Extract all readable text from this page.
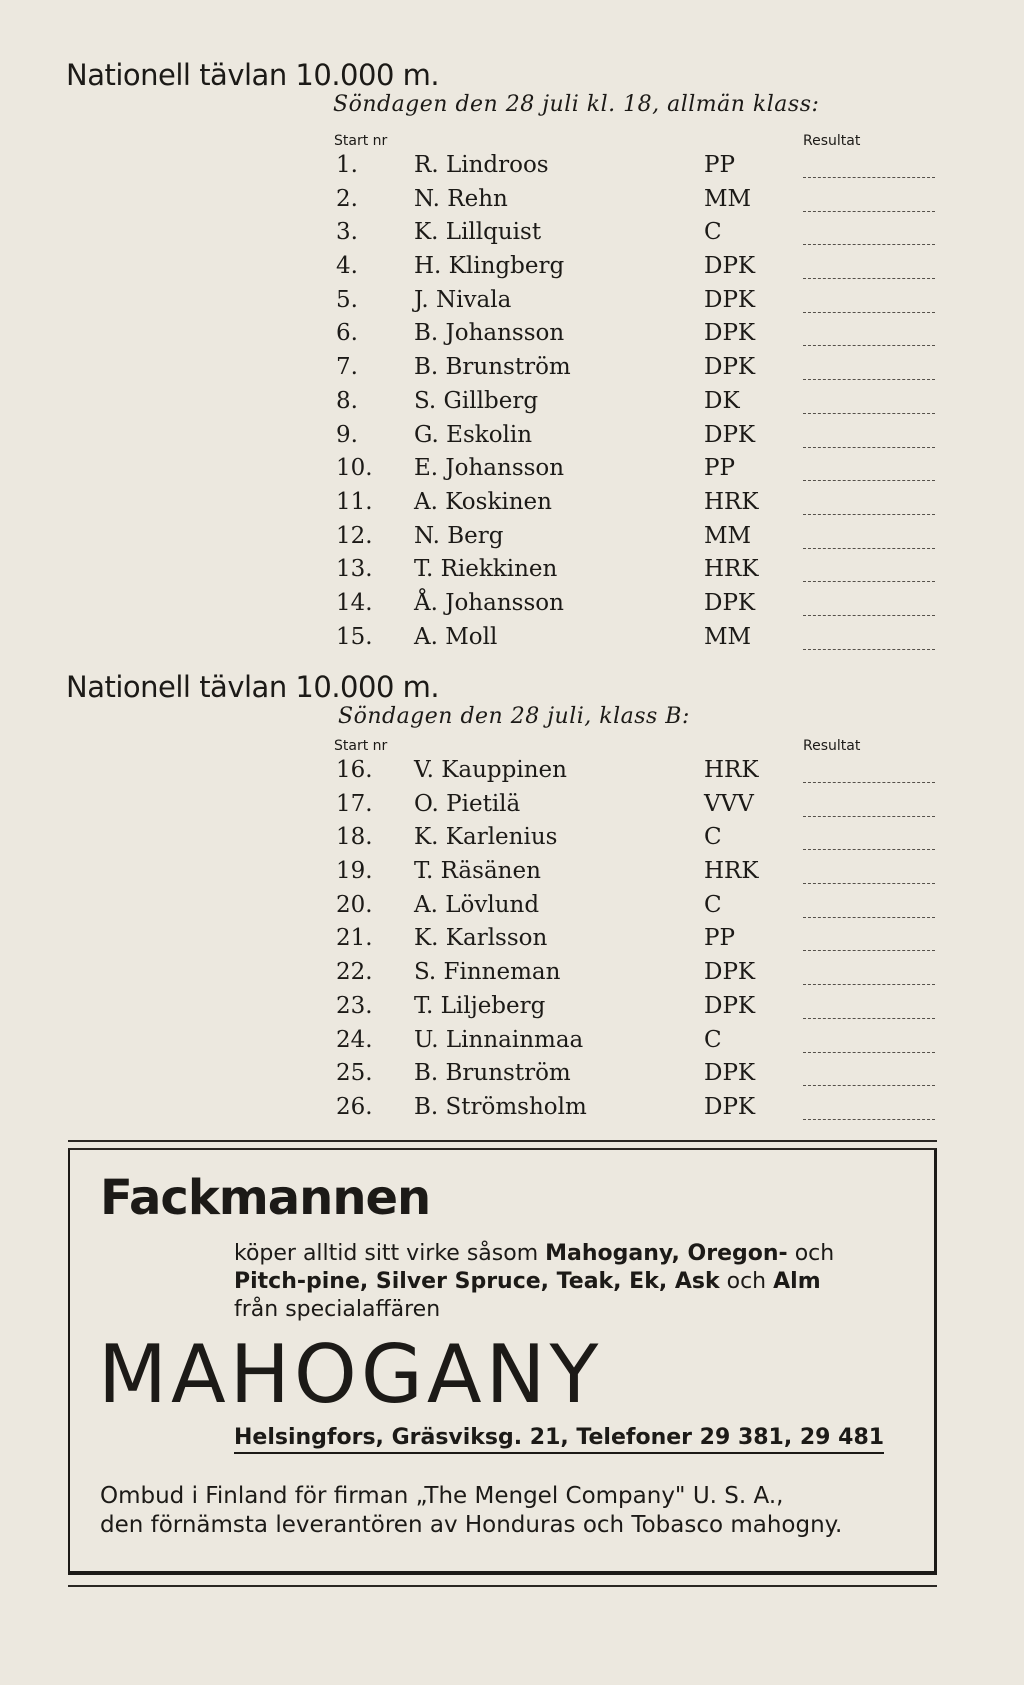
Nationell tävlan 10.000 m.
Söndagen den 28 juli kl. 18, allmän klass:
Start nr	Resultat
1. R. Lindroos	PP
2. N. Rehn	MM
3. K. Lillquist	C
4. H. Klingberg	DPK
5. J. Nivala	DPK
6. B. Johansson	DPK
7. B. Brunström	DPK
8. S. Gillberg	DK
9. G. Eskolin	DPK
10. E. Johansson	PP
11. A. Koskinen	HRK
12. N. Berg	MM
13. T. Riekkinen	HRK
14. Å. Johansson	DPK
15. A. Moll	MM
Nationell tävlan 10.000 m.
Söndagen den 28 juli, klass B:
Start nr	Resultat
16. V. Kauppinen	HRK
17. O. Pietilä	VVV
18. K. Karlenius	C
19. T. Räsänen	HRK
20. A. Lövlund	C
21. K. Karlsson	PP
22. S. Finneman	DPK
23. T. Liljeberg	DPK
24. U. Linnainmaa	C
25. B. Brunström	DPK
26. B. Strömsholm	DPK
Fackmannen
köper alltid sitt virke såsom Mahogany, Oregon- och
Pitch-pine, Silver Spruce, Teak, Ek, Ask och Alm
från specialaffären
MAHOGANY
Helsingfors, Gräsviksg. 21, Telefoner 29 381, 29 481
Ombud i Finland för firman „The Mengel Company" U. S. A.,
den förnämsta leverantören av Honduras och Tobasco mahogny.
